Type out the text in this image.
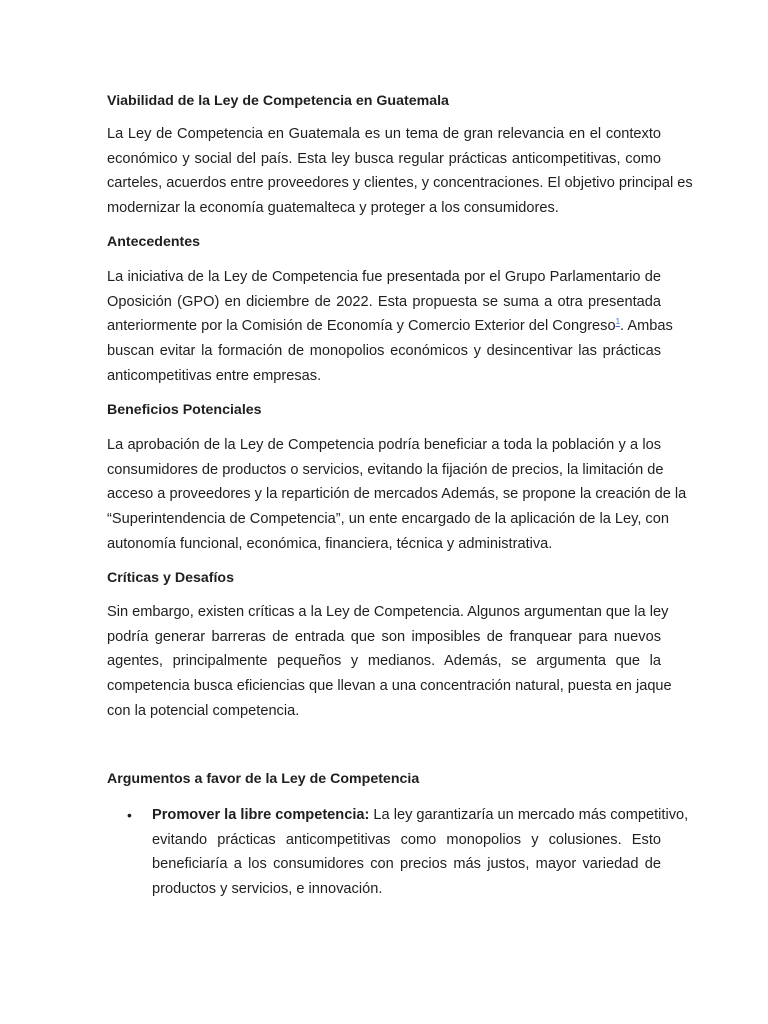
Viabilidad de la Ley de Competencia en Guatemala

La Ley de Competencia en Guatemala es un tema de gran relevancia en el contexto
económico y social del país. Esta ley busca regular prácticas anticompetitivas, como
carteles, acuerdos entre proveedores y clientes, y concentraciones. El objetivo principal es
modernizar la economía guatemalteca y proteger a los consumidores.

Antecedentes

La iniciativa de la Ley de Competencia fue presentada por el Grupo Parlamentario de
Oposición (GPO) en diciembre de 2022. Esta propuesta se suma a otra presentada
anteriormente por la Comisión de Economía y Comercio Exterior del Congreso$^1$. Ambas
buscan evitar la formación de monopolios económicos y desincentivar las prácticas
anticompetitivas entre empresas.

Beneficios Potenciales

La aprobación de la Ley de Competencia podría beneficiar a toda la población y a los
consumidores de productos o servicios, evitando la fijación de precios, la limitación de
acceso a proveedores y la repartición de mercados Además, se propone la creación de la
“Superintendencia de Competencia”, un ente encargado de la aplicación de la Ley, con
autonomía funcional, económica, financiera, técnica y administrativa.

Críticas y Desafíos

Sin embargo, existen críticas a la Ley de Competencia. Algunos argumentan que la ley
podría generar barreras de entrada que son imposibles de franquear para nuevos
agentes, principalmente pequeños y medianos. Además, se argumenta que la
competencia busca eficiencias que llevan a una concentración natural, puesta en jaque
con la potencial competencia.

Argumentos a favor de la Ley de Competencia
• Promover la libre competencia: La ley garantizaría un mercado más competitivo,
evitando prácticas anticompetitivas como monopolios y colusiones. Esto
beneficiaría a los consumidores con precios más justos, mayor variedad de
productos y servicios, e innovación.
